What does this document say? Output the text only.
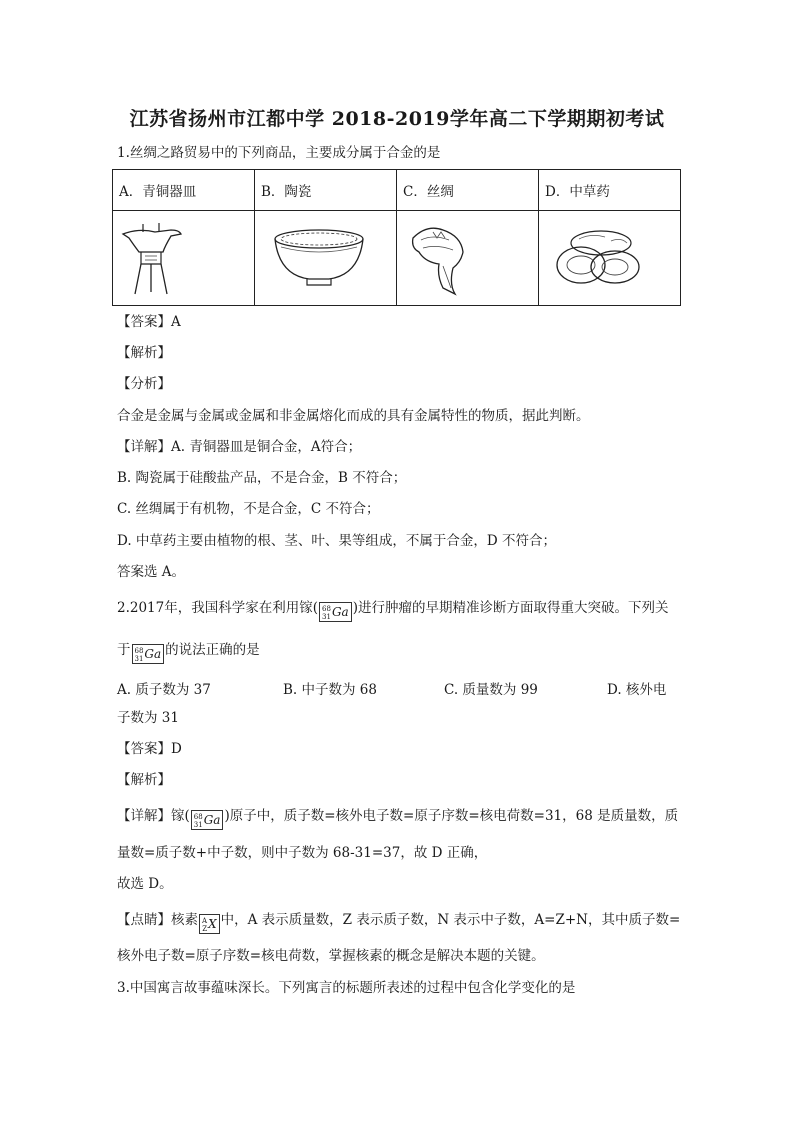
江苏省扬州市江都中学 2018-2019学年高二下学期期初考试
1.丝绸之路贸易中的下列商品，主要成分属于合金的是
A．青铜器皿	B．陶瓷	C．丝绸	D．中草药

【答案】A
【解析】
【分析】
合金是金属与金属或金属和非金属熔化而成的具有金属特性的物质，据此判断。
【详解】A. 青铜器皿是铜合金，A符合；
B. 陶瓷属于硅酸盐产品，不是合金，B 不符合；
C. 丝绸属于有机物，不是合金，C 不符合；
D. 中草药主要由植物的根、茎、叶、果等组成，不属于合金，D 不符合；
答案选 A。
2.2017年，我国科学家在利用镓( 68
31 Ga )进行肿瘤的早期精准诊断方面取得重大突破。下列关
于 68
31 Ga 的说法正确的是
A. 质子数为 37	B. 中子数为 68	C. 质量数为 99	D. 核外电
子数为 31
【答案】D
【解析】
【详解】镓( 68
31 Ga )原子中，质子数=核外电子数=原子序数=核电荷数=31，68 是质量数，质
量数=质子数+中子数，则中子数为 68-31=37，故 D 正确，
故选 D。
【点睛】核素 A
Z X 中，A 表示质量数，Z 表示质子数，N 表示中子数，A=Z+N，其中质子数=
核外电子数=原子序数=核电荷数，掌握核素的概念是解决本题的关键。
3.中国寓言故事蕴味深长。下列寓言的标题所表述的过程中包含化学变化的是
